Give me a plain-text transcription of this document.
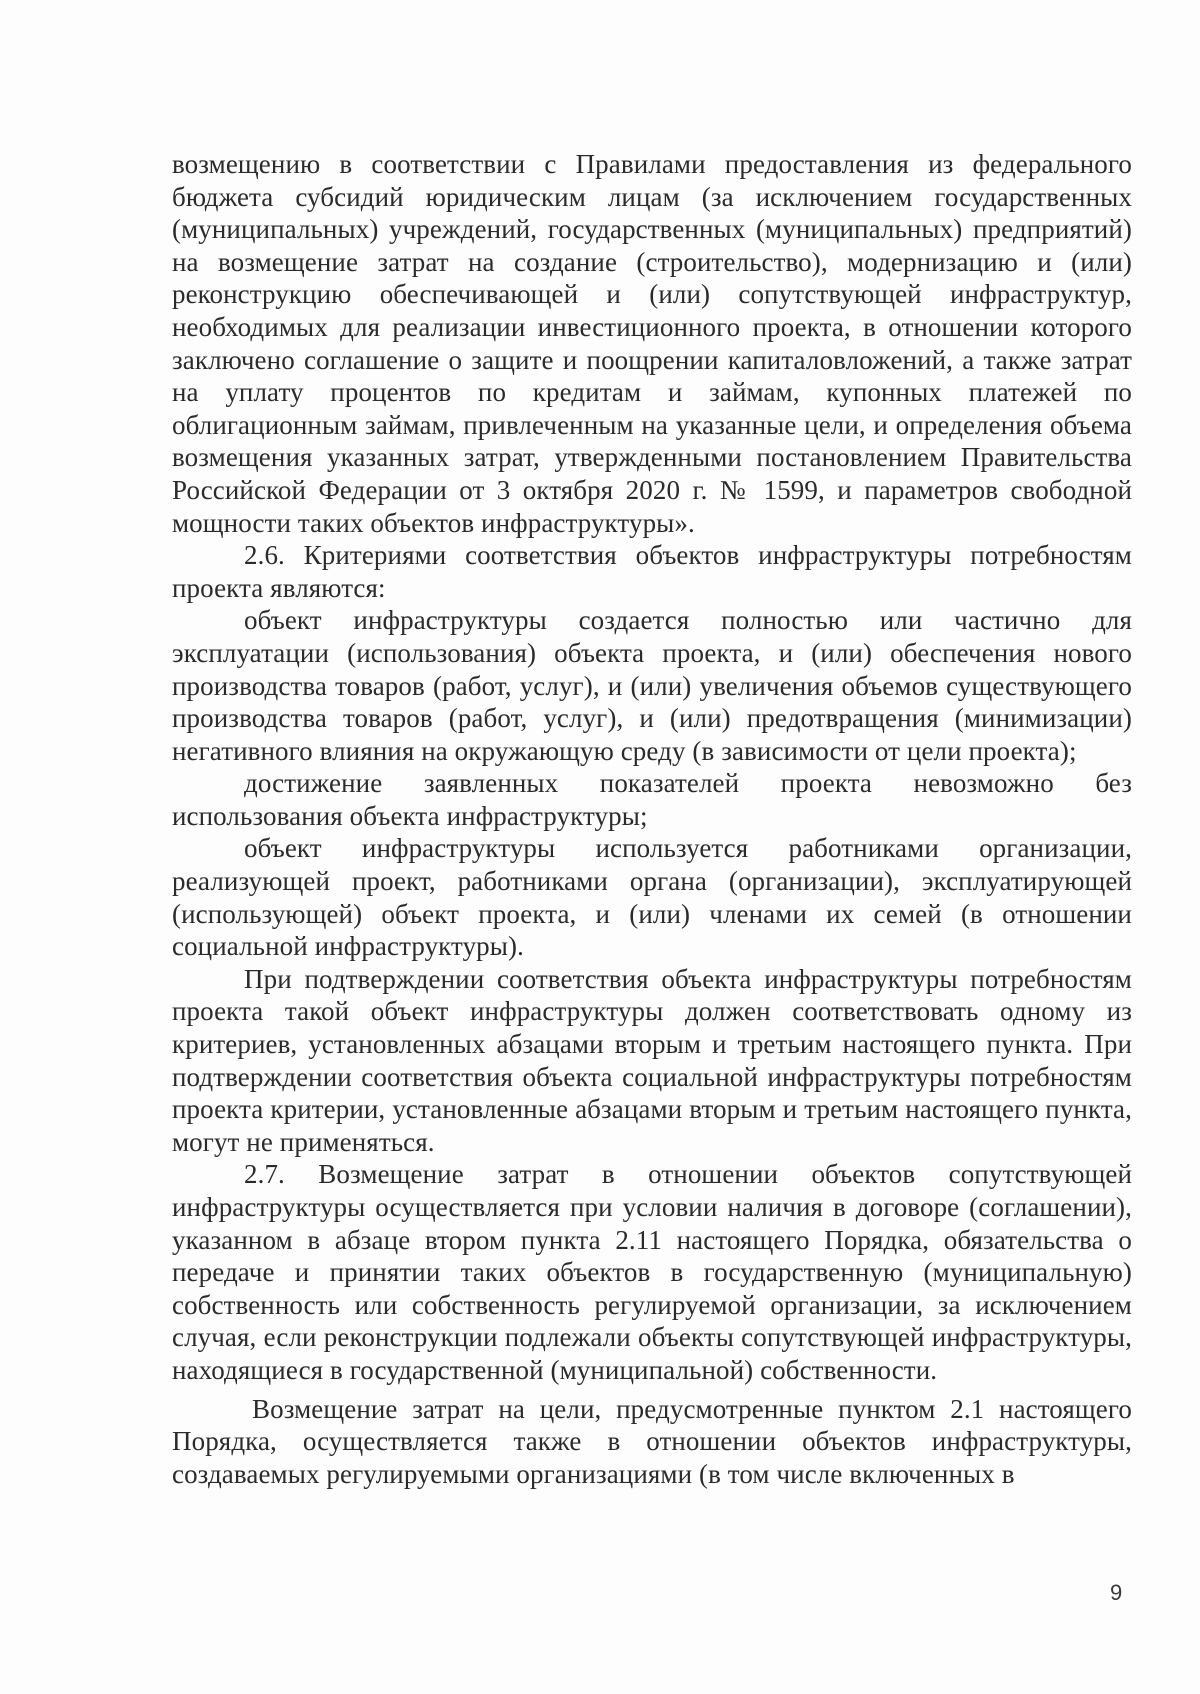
возмещению в соответствии с Правилами предоставления из федерального бюджета субсидий юридическим лицам (за исключением государственных (муниципальных) учреждений, государственных (муниципальных) предприятий) на возмещение затрат на создание (строительство), модернизацию и (или) реконструкцию обеспечивающей и (или) сопутствующей инфраструктур, необходимых для реализации инвестиционного проекта, в отношении которого заключено соглашение о защите и поощрении капиталовложений, а также затрат на уплату процентов по кредитам и займам, купонных платежей по облигационным займам, привлеченным на указанные цели, и определения объема возмещения указанных затрат, утвержденными постановлением Правительства Российской Федерации от 3 октября 2020 г. № 1599, и параметров свободной мощности таких объектов инфраструктуры».

2.6. Критериями соответствия объектов инфраструктуры потребностям проекта являются:

объект инфраструктуры создается полностью или частично для эксплуатации (использования) объекта проекта, и (или) обеспечения нового производства товаров (работ, услуг), и (или) увеличения объемов существующего производства товаров (работ, услуг), и (или) предотвращения (минимизации) негативного влияния на окружающую среду (в зависимости от цели проекта);

достижение заявленных показателей проекта невозможно без использования объекта инфраструктуры;

объект инфраструктуры используется работниками организации, реализующей проект, работниками органа (организации), эксплуатирующей (использующей) объект проекта, и (или) членами их семей (в отношении социальной инфраструктуры).

При подтверждении соответствия объекта инфраструктуры потребностям проекта такой объект инфраструктуры должен соответствовать одному из критериев, установленных абзацами вторым и третьим настоящего пункта. При подтверждении соответствия объекта социальной инфраструктуры потребностям проекта критерии, установленные абзацами вторым и третьим настоящего пункта, могут не применяться.

2.7. Возмещение затрат в отношении объектов сопутствующей инфраструктуры осуществляется при условии наличия в договоре (соглашении), указанном в абзаце втором пункта 2.11 настоящего Порядка, обязательства о передаче и принятии таких объектов в государственную (муниципальную) собственность или собственность регулируемой организации, за исключением случая, если реконструкции подлежали объекты сопутствующей инфраструктуры, находящиеся в государственной (муниципальной) собственности.

Возмещение затрат на цели, предусмотренные пунктом 2.1 настоящего Порядка, осуществляется также в отношении объектов инфраструктуры, создаваемых регулируемыми организациями (в том числе включенных в

9
